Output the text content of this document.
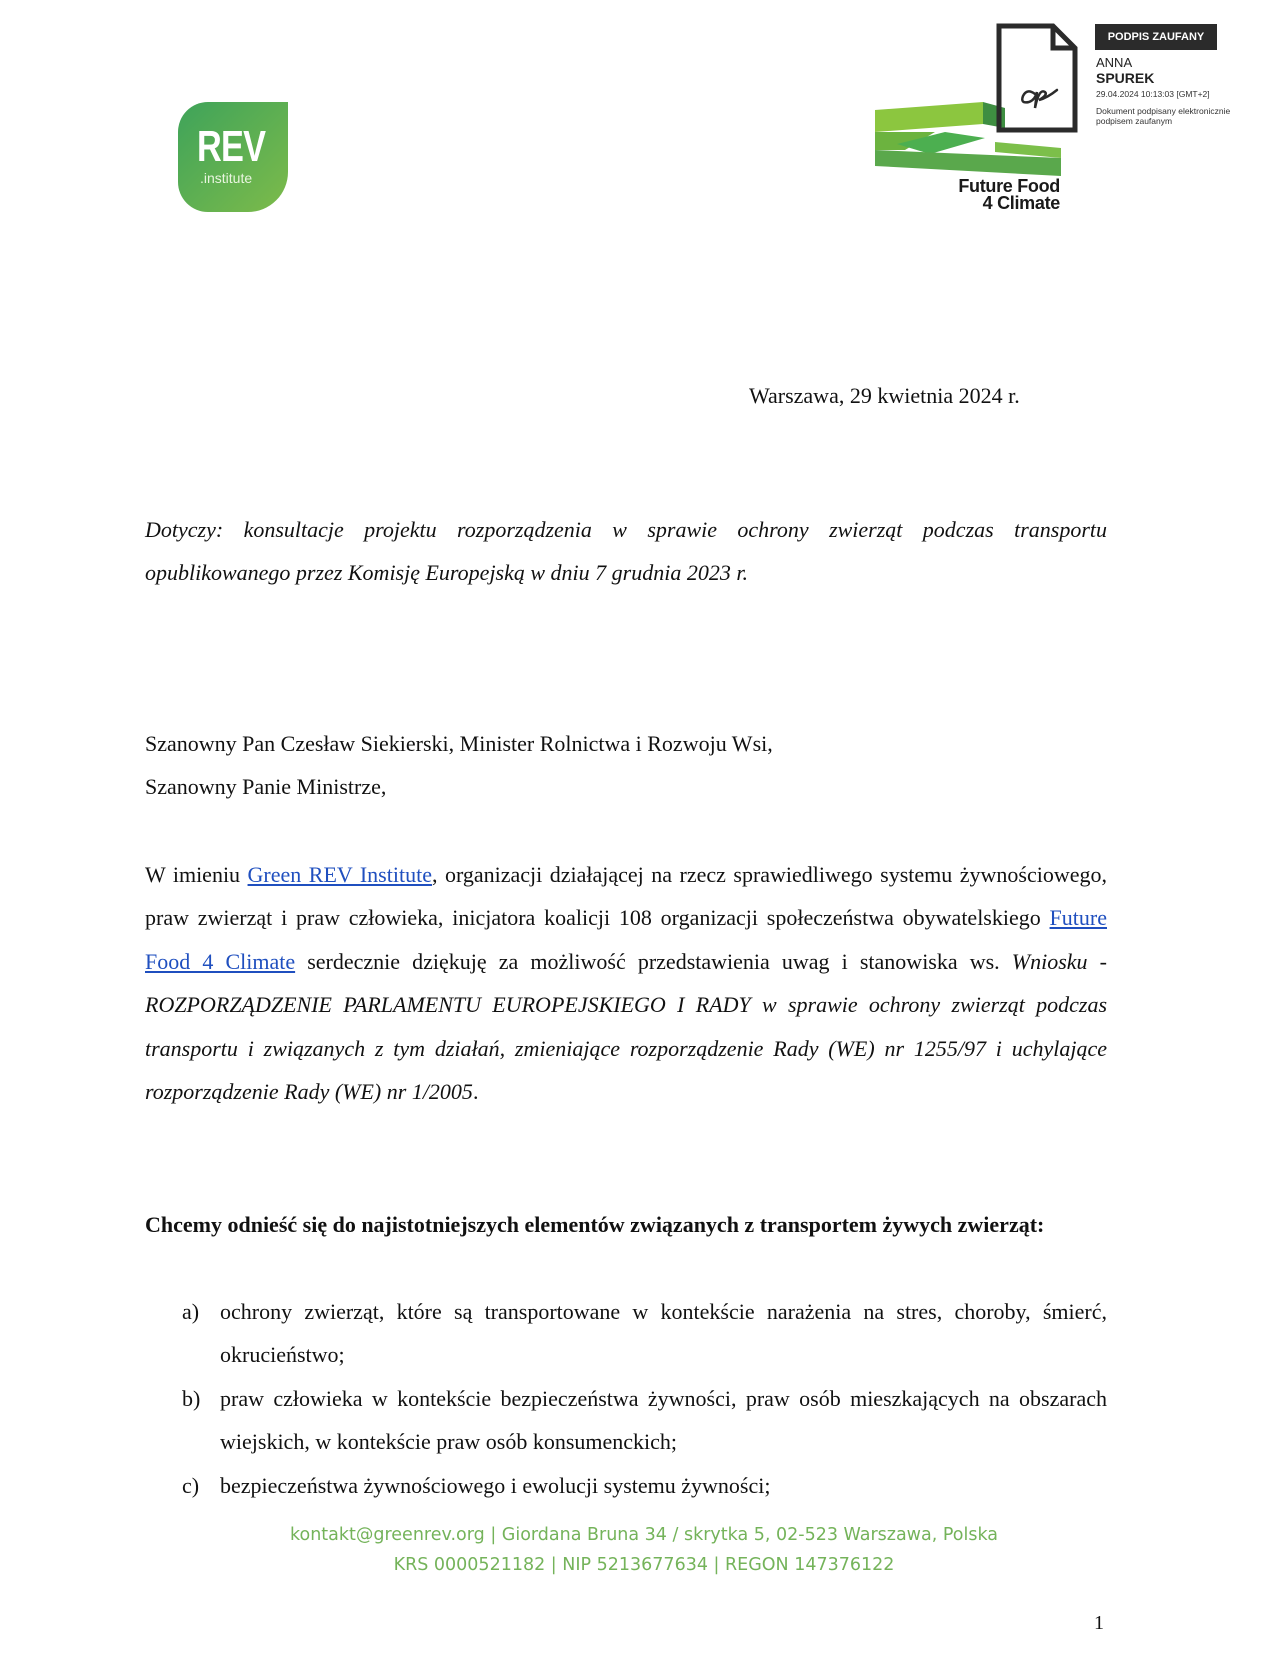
REV
.institute	Future Food
4 Climate
PODPIS ZAUFANY
ANNA
SPUREK
29.04.2024 10:13:03 [GMT+2]
Dokument podpisany elektronicznie podpisem zaufanym
Warszawa, 29 kwietnia 2024 r.
Dotyczy: konsultacje projektu rozporządzenia w sprawie ochrony zwierząt podczas transportu opublikowanego przez Komisję Europejską w dniu 7 grudnia 2023 r.
Szanowny Pan Czesław Siekierski, Minister Rolnictwa i Rozwoju Wsi,
Szanowny Panie Ministrze,
W imieniu Green REV Institute, organizacji działającej na rzecz sprawiedliwego systemu żywnościowego, praw zwierząt i praw człowieka, inicjatora koalicji 108 organizacji społeczeństwa obywatelskiego Future Food 4 Climate serdecznie dziękuję za możliwość przedstawienia uwag i stanowiska ws. Wniosku - ROZPORZĄDZENIE PARLAMENTU EUROPEJSKIEGO I RADY w sprawie ochrony zwierząt podczas transportu i związanych z tym działań, zmieniające rozporządzenie Rady (WE) nr 1255/97 i uchylające rozporządzenie Rady (WE) nr 1/2005.
Chcemy odnieść się do najistotniejszych elementów związanych z transportem żywych zwierząt:
a) ochrony zwierząt, które są transportowane w kontekście narażenia na stres, choroby, śmierć, okrucieństwo;
b) praw człowieka w kontekście bezpieczeństwa żywności, praw osób mieszkających na obszarach wiejskich, w kontekście praw osób konsumenckich;
c) bezpieczeństwa żywnościowego i ewolucji systemu żywności;
kontakt@greenrev.org | Giordana Bruna 34 / skrytka 5, 02-523 Warszawa, Polska
KRS 0000521182 | NIP 5213677634 | REGON 147376122
1
